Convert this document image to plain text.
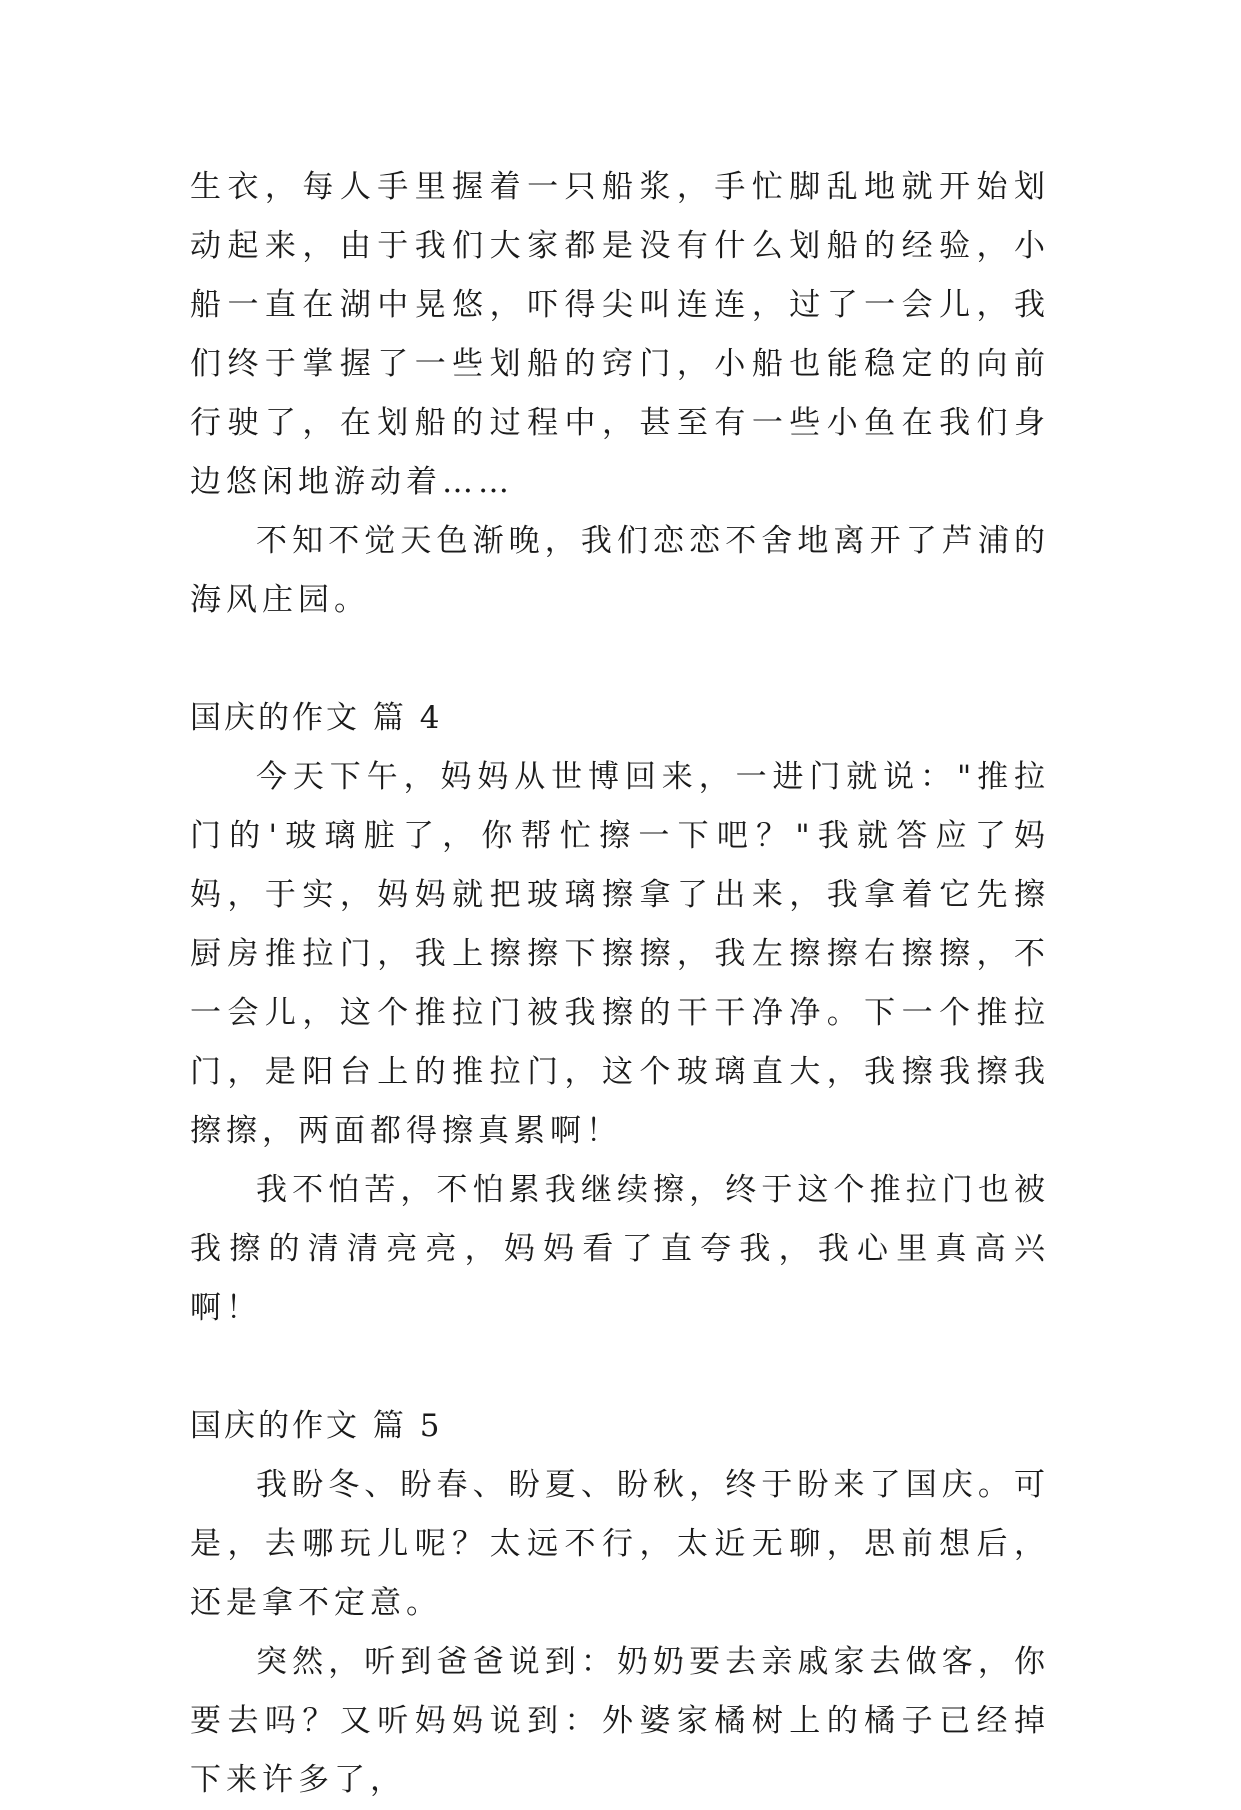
生衣，每人手里握着一只船浆，手忙脚乱地就开始划动起来，由于我们大家都是没有什么划船的经验，小船一直在湖中晃悠，吓得尖叫连连，过了一会儿，我们终于掌握了一些划船的窍门，小船也能稳定的向前行驶了，在划船的过程中，甚至有一些小鱼在我们身边悠闲地游动着……

不知不觉天色渐晚，我们恋恋不舍地离开了芦浦的海风庄园。

国庆的作文 篇 4

今天下午，妈妈从世博回来，一进门就说："推拉门的'玻璃脏了，你帮忙擦一下吧？"我就答应了妈妈，于实，妈妈就把玻璃擦拿了出来，我拿着它先擦厨房推拉门，我上擦擦下擦擦，我左擦擦右擦擦，不一会儿，这个推拉门被我擦的干干净净。下一个推拉门，是阳台上的推拉门，这个玻璃直大，我擦我擦我擦擦，两面都得擦真累啊！

我不怕苦，不怕累我继续擦，终于这个推拉门也被我擦的清清亮亮，妈妈看了直夸我，我心里真高兴啊！

国庆的作文 篇 5

我盼冬、盼春、盼夏、盼秋，终于盼来了国庆。可是，去哪玩儿呢？太远不行，太近无聊，思前想后，还是拿不定意。

突然，听到爸爸说到：奶奶要去亲戚家去做客，你要去吗？又听妈妈说到：外婆家橘树上的橘子已经掉下来许多了，
